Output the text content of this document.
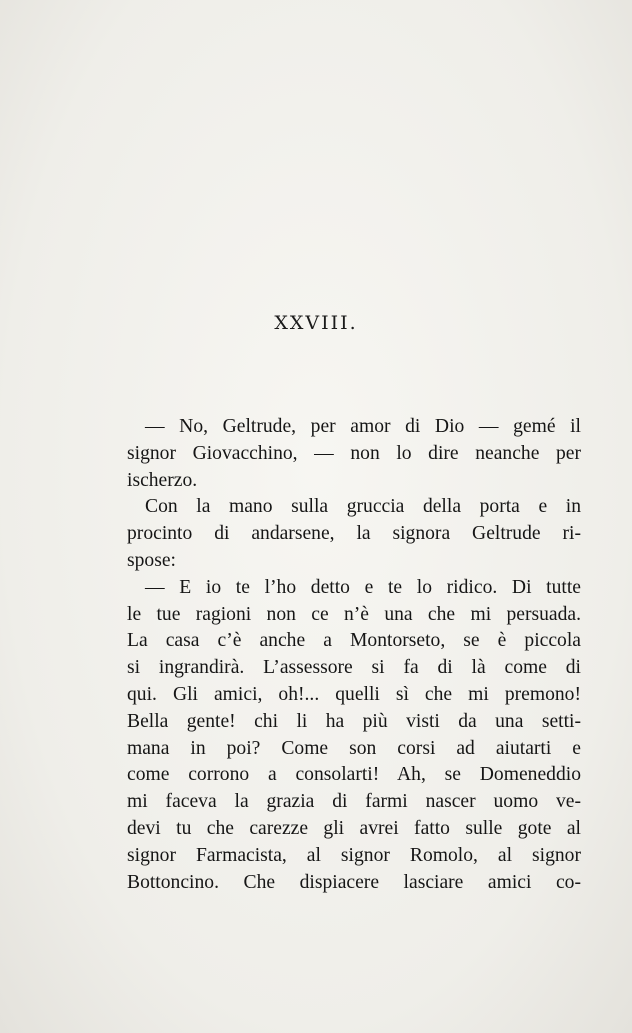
XXVIII.
— No, Geltrude, per amor di Dio — gemé il
signor Giovacchino, — non lo dire neanche per
ischerzo.
Con la mano sulla gruccia della porta e in
procinto di andarsene, la signora Geltrude ri-
spose:
— E io te l’ho detto e te lo ridico. Di tutte
le tue ragioni non ce n’è una che mi persuada.
La casa c’è anche a Montorseto, se è piccola
si ingrandirà. L’assessore si fa di là come di
qui. Gli amici, oh!... quelli sì che mi premono!
Bella gente! chi li ha più visti da una setti-
mana in poi? Come son corsi ad aiutarti e
come corrono a consolarti! Ah, se Domeneddio
mi faceva la grazia di farmi nascer uomo ve-
devi tu che carezze gli avrei fatto sulle gote al
signor Farmacista, al signor Romolo, al signor
Bottoncino. Che dispiacere lasciare amici co-
